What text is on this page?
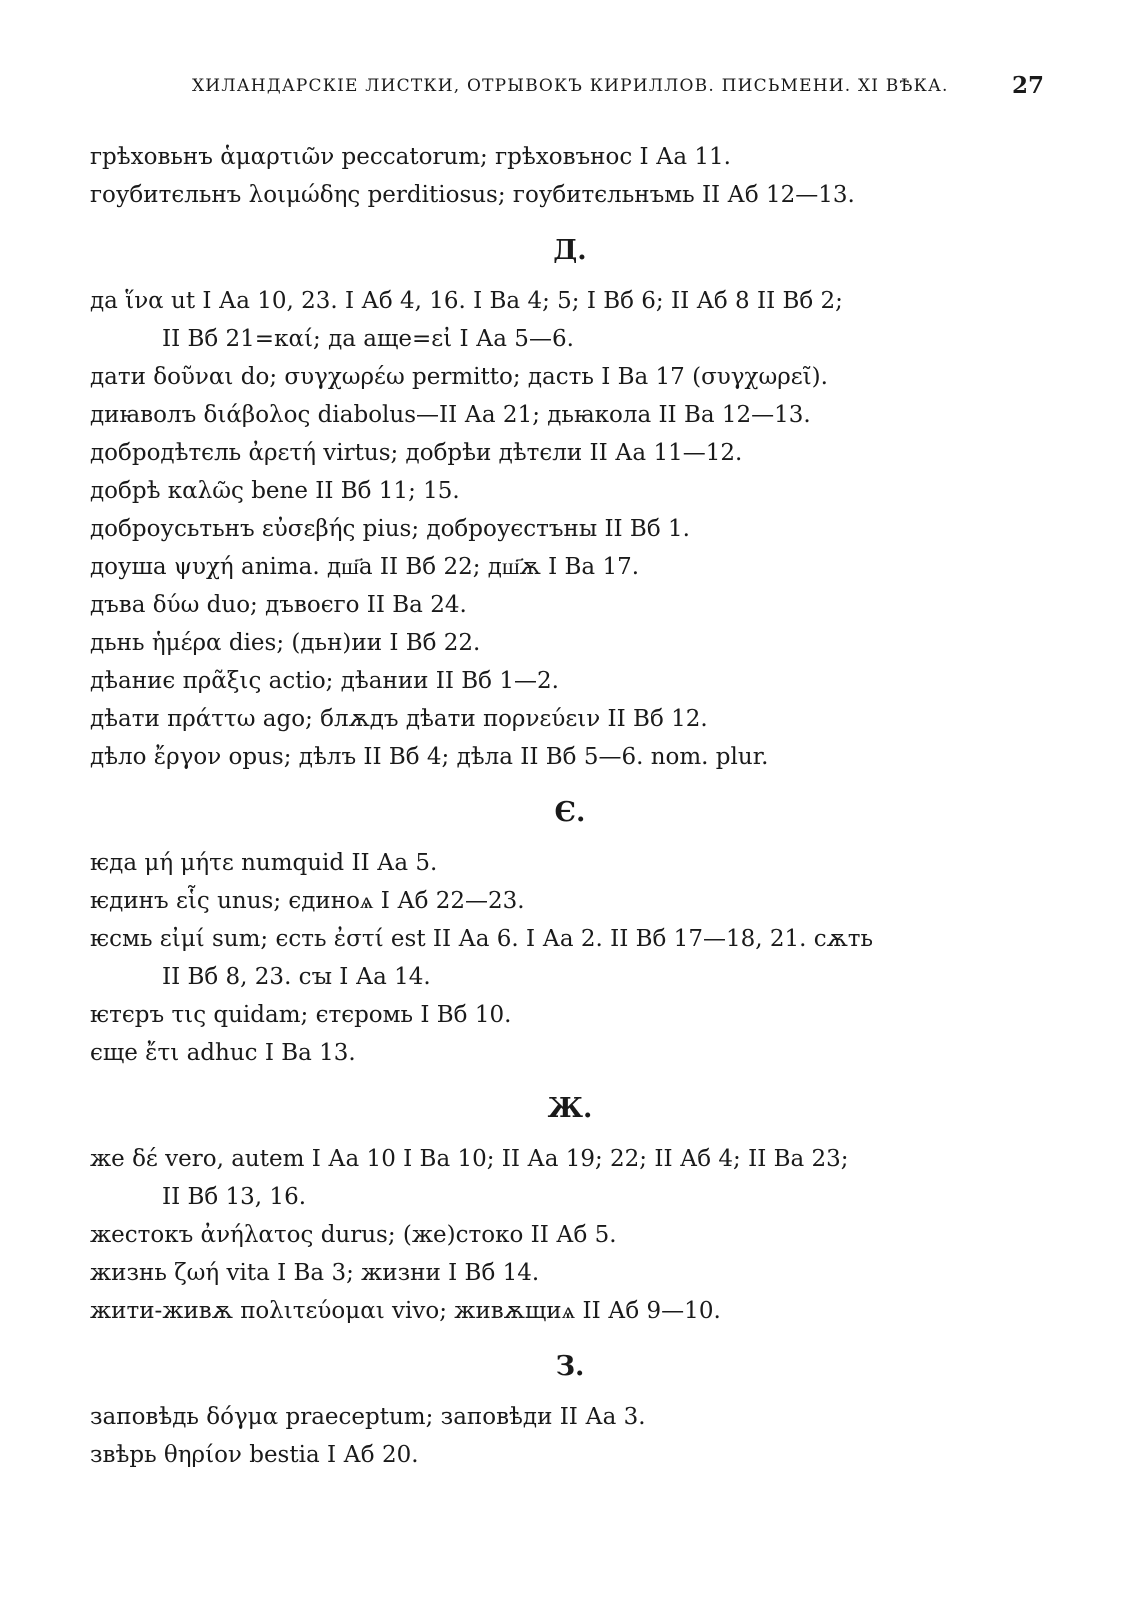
ХИЛАНДАРСКІЕ ЛИСТКИ, ОТРЫВОКЪ КИРИЛЛОВ. ПИСЬМЕНИ. XI ВѢКА.	27
грѣховьнъ ἁμαρτιῶν peccatorum; грѣховънос I Аа 11.
гоубитєльнъ λοιμώδης perditiosus; гоубитєльнъмь II Аб 12—13.
Д.
да ἵνα ut I Аа 10, 23. I Аб 4, 16. I Ва 4; 5; I Вб 6; II Аб 8 II Вб 2;
II Вб 21=καί; да аще=εἰ I Аа 5—6.
дати δοῦναι do; συγχωρέω permitto; дасть I Ва 17 (συγχωρεῖ).
диꙗволъ διάβολος diabolus—II Аа 21; дьꙗкола II Ва 12—13.
добродѣтєль ἀρετή virtus; добрѣи дѣтєли II Аа 11—12.
добрѣ καλῶς bene II Вб 11; 15.
доброусьтьнъ εὐσεβής pius; доброуєстъны II Вб 1.
доуша ψυχή anima. дш҃а II Вб 22; дш҃ѫ I Ва 17.
дъва δύω duo; дъвоєго II Ва 24.
дьнь ἡμέρα dies; (дьн)ии I Вб 22.
дѣаниє πρᾶξις actio; дѣании II Вб 1—2.
дѣати πράττω ago; блѫдъ дѣати πορνεύειν II Вб 12.
дѣло ἔργον opus; дѣлъ II Вб 4; дѣла II Вб 5—6. nom. plur.
Є.
ѥда μή μήτε numquid II Аа 5.
ѥдинъ εἷς unus; єдиноѧ I Аб 22—23.
ѥсмь εἰμί sum; єсть ἐστί est II Аа 6. I Аа 2. II Вб 17—18, 21. сѫть
II Вб 8, 23. сꙑ I Аа 14.
ѥтєръ τις quidam; єтєромь I Вб 10.
єще ἔτι adhuc I Ва 13.
Ж.
же δέ vero, autem I Аа 10 I Ва 10; II Аа 19; 22; II Аб 4; II Ва 23;
II Вб 13, 16.
жестокъ ἀνήλατος durus; (же)стоко II Аб 5.
жизнь ζωή vita I Ва 3; жизни I Вб 14.
жити-живѫ πολιτεύομαι vivo; живѫщиѧ II Аб 9—10.
З.
заповѣдь δόγμα praeceptum; заповѣди II Аа 3.
звѣрь θηρίον bestia I Аб 20.
